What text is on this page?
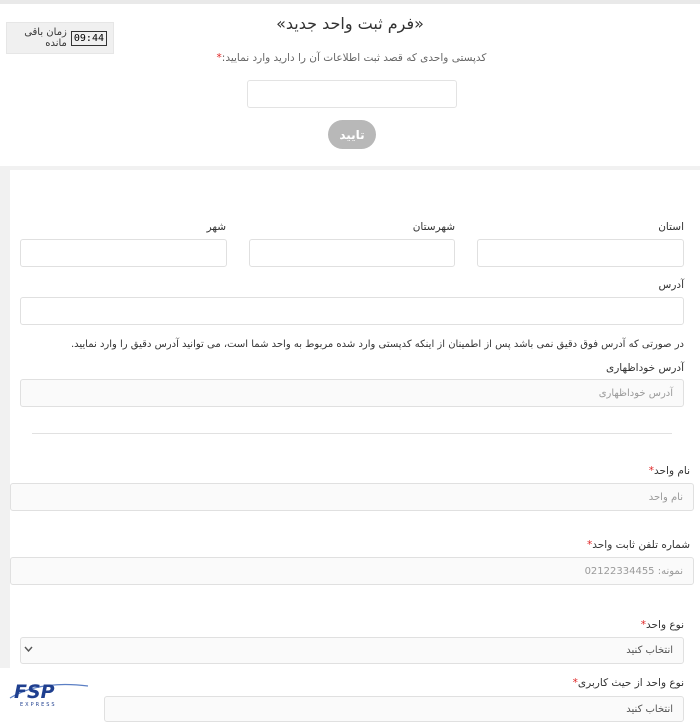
09:44
زمان باقی مانده
کدپستی واحدی که قصد ثبت اطلاعات آن را دارید وارد نمایید:*
تایید
«فرم ثبت واحد جدید»
استان
شهرستان
شهر
آدرس
در صورتی که آدرس فوق دقیق نمی باشد پس از اطمینان از اینکه کدپستی وارد شده مربوط به واحد شما است، می توانید آدرس دقیق را وارد نمایید.
آدرس خوداظهاری
آدرس خوداظهاری
نام واحد*
نام واحد
شماره تلفن ثابت واحد*
نمونه: 02122334455
نوع واحد*
انتخاب کنید
نوع واحد از حیث کاربری*
انتخاب کنید
FSP
EXPRESS
